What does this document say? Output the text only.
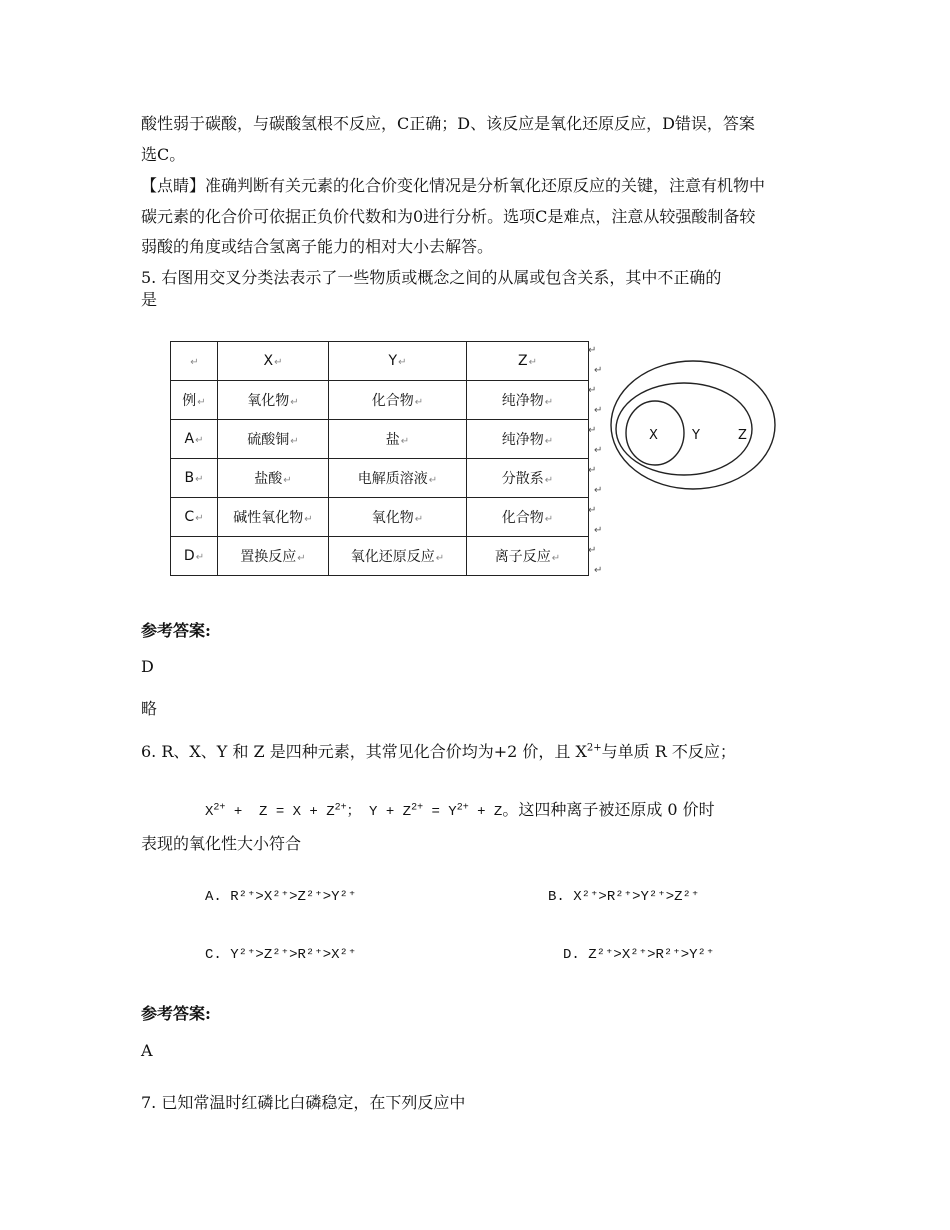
酸性弱于碳酸，与碳酸氢根不反应，C正确；D、该反应是氧化还原反应，D错误，答案
选C。
【点睛】准确判断有关元素的化合价变化情况是分析氧化还原反应的关键，注意有机物中
碳元素的化合价可依据正负价代数和为0进行分析。选项C是难点，注意从较强酸制备较
弱酸的角度或结合氢离子能力的相对大小去解答。
5. 右图用交叉分类法表示了一些物质或概念之间的从属或包含关系，其中不正确的
是
↵	X↵	Y↵	Z↵
例↵	氧化物↵	化合物↵	纯净物↵
A↵	硫酸铜↵	盐↵	纯净物↵
B↵	盐酸↵	电解质溶液↵	分散系↵
C↵	碱性氧化物↵	氧化物↵	化合物↵
D↵	置换反应↵	氧化还原反应↵	离子反应↵
↵
↵
↵
↵
↵
↵
↵
↵
↵
↵
↵
↵
X	Y	Z
参考答案:
D
略
6. R、X、Y 和 Z 是四种元素，其常见化合价均为+2 价，且 $X^{2+}$与单质 R 不反应；
$X^{2+} + Z = X + Z^{2+}$； $Y + Z^{2+} = Y^{2+} + Z$。这四种离子被还原成 0 价时
表现的氧化性大小符合
A. R²⁺>X²⁺>Z²⁺>Y²⁺	B. X²⁺>R²⁺>Y²⁺>Z²⁺
C. Y²⁺>Z²⁺>R²⁺>X²⁺	D. Z²⁺>X²⁺>R²⁺>Y²⁺
参考答案:
A
7. 已知常温时红磷比白磷稳定，在下列反应中
